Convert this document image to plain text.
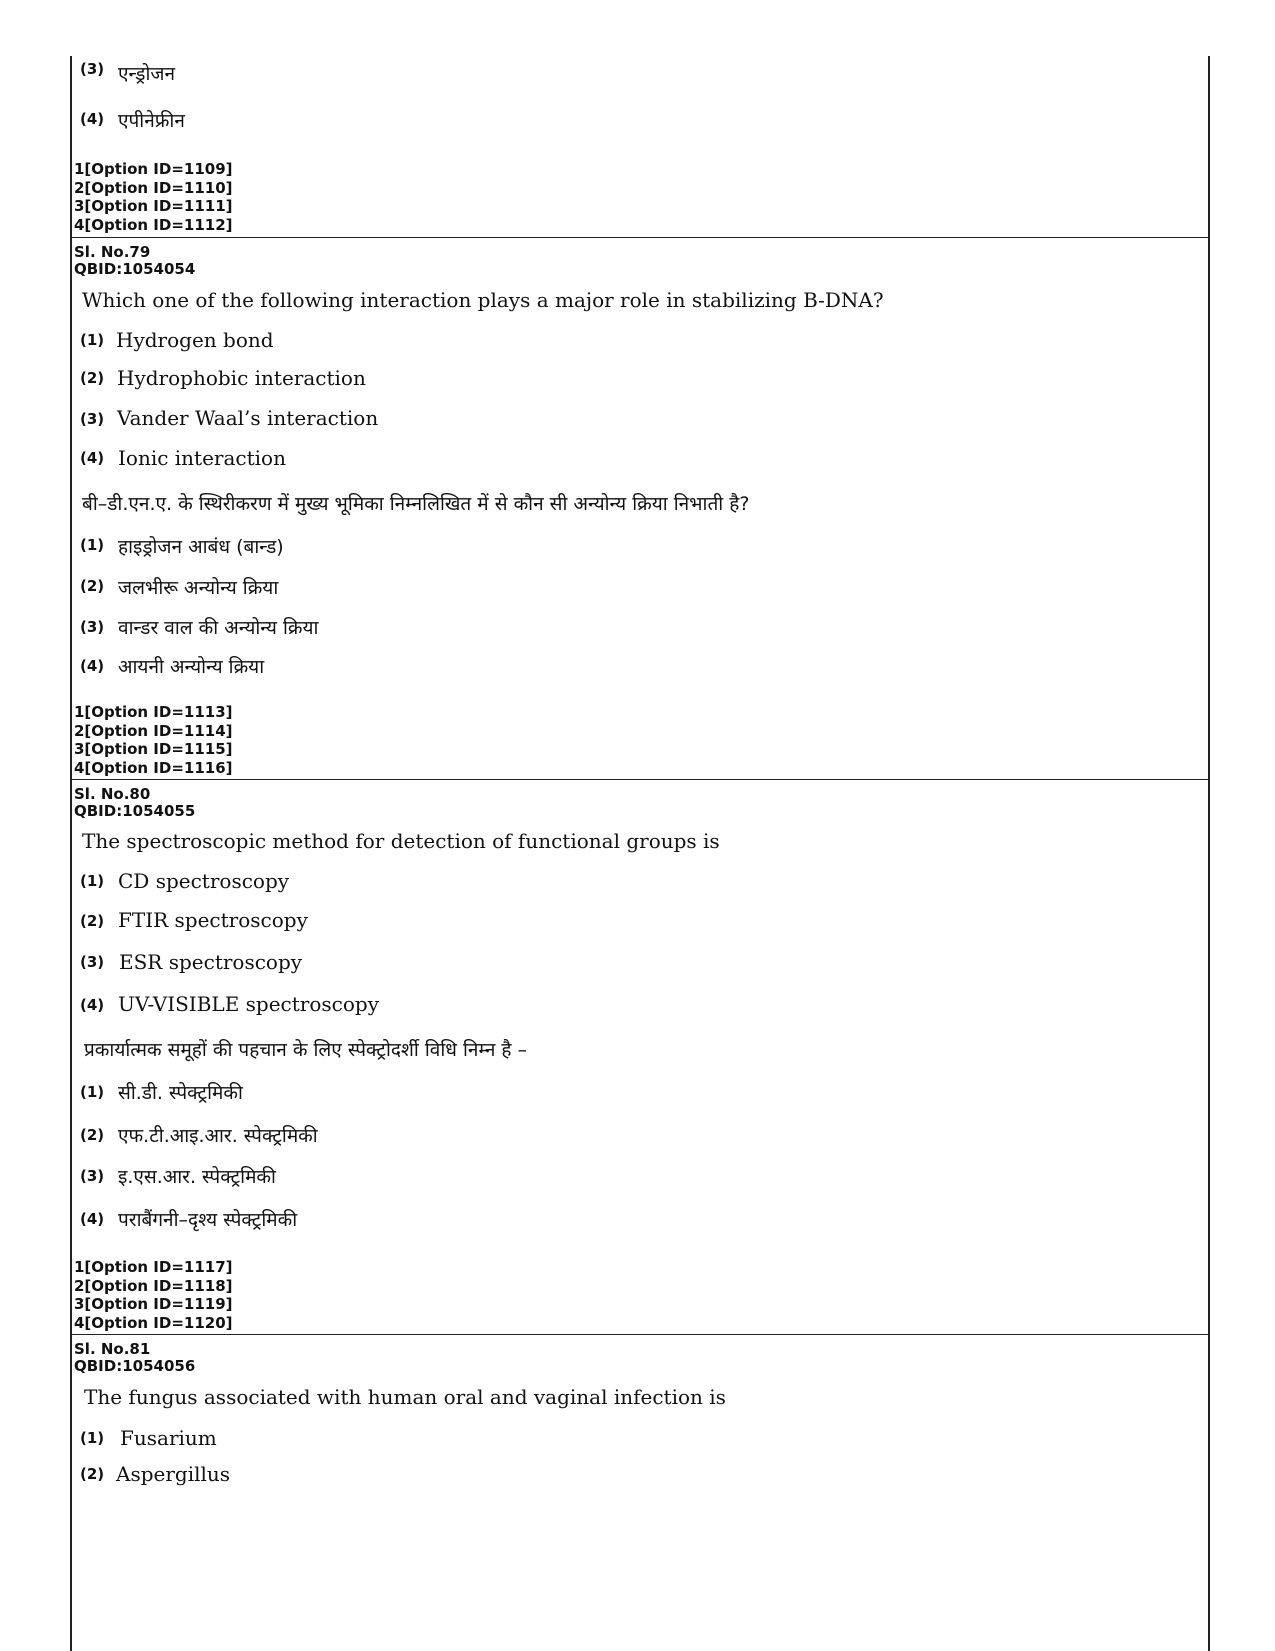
(3) एन्ड्रोजन
(4) एपीनेफ्रीन
1[Option ID=1109]
2[Option ID=1110]
3[Option ID=1111]
4[Option ID=1112]
Sl. No.79
QBID:1054054
Which one of the following interaction plays a major role in stabilizing B-DNA?
(1) Hydrogen bond
(2) Hydrophobic interaction
(3) Vander Waal’s interaction
(4) Ionic interaction
बी–डी.एन.ए. के स्थिरीकरण में मुख्य भूमिका निम्नलिखित में से कौन सी अन्योन्य क्रिया निभाती है?
(1) हाइड्रोजन आबंध (बान्ड)
(2) जलभीरू अन्योन्य क्रिया
(3) वान्डर वाल की अन्योन्य क्रिया
(4) आयनी अन्योन्य क्रिया
1[Option ID=1113]
2[Option ID=1114]
3[Option ID=1115]
4[Option ID=1116]
Sl. No.80
QBID:1054055
The spectroscopic method for detection of functional groups is
(1) CD spectroscopy
(2) FTIR spectroscopy
(3) ESR spectroscopy
(4) UV-VISIBLE spectroscopy
प्रकार्यात्मक समूहों की पहचान के लिए स्पेक्ट्रोदर्शी विधि निम्न है –
(1) सी.डी. स्पेक्ट्रमिकी
(2) एफ.टी.आइ.आर. स्पेक्ट्रमिकी
(3) इ.एस.आर. स्पेक्ट्रमिकी
(4) पराबैंगनी–दृश्य स्पेक्ट्रमिकी
1[Option ID=1117]
2[Option ID=1118]
3[Option ID=1119]
4[Option ID=1120]
Sl. No.81
QBID:1054056
The fungus associated with human oral and vaginal infection is
(1) Fusarium
(2) Aspergillus
